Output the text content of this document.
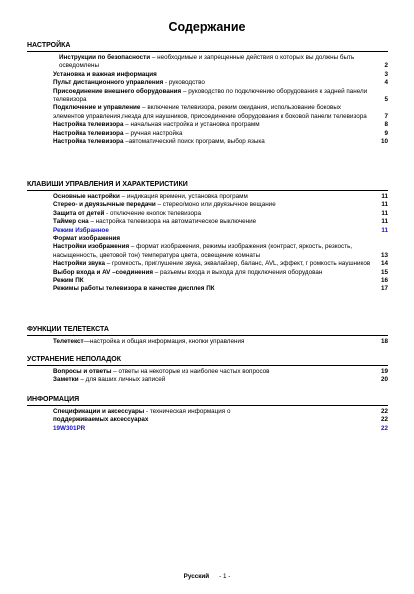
Содержание
НАСТРОЙКА
Инструкции по безопасности – необходимые и запрещенные действия о которых вы должны быть осведомлены	2
Установка и важная информация	3
Пульт дистанционного управления - руководство	4
Присоединение внешнего оборудования – руководство по подключению оборудования к задней панели телевизора	5
Подключение и управление – включение телевизора, режим ожидания, использование боковых элементов управления,гнезда для наушников, присоединение оборудования к боковой панели телевизора	7
Настройка телевизора – начальная настройка и установка программ	8
Настройка телевизора – ручная настройка	9
Настройка телевизора –автоматический поиск программ, выбор языка	10
КЛАВИШИ УПРАВЛЕНИЯ И ХАРАКТЕРИСТИКИ
Основные настройки – индикация времени, установка программ	11
Стерео- и двуязычные передачи – стерео/моно или двуязычное вещание	11
Защита от детей - отключение кнопок телевизора	11
Таймер сна – настройка телевизора на автоматическое выключение	11
Режим Избранное	11
Формат изображения
Настройки изображения – формат изображения, режимы изображения (контраст, яркость, резкость, насыщенность, цветовой тон) температура цвета, освещение комнаты	13
Настройки звука – громкость, приглушение звука, эквалайзер, баланс, AVL, эффект, г ромкость наушников 14
Выбор входа и AV –соединения – разъемы входа и выхода для подключения оборудован	15
Режим ПК	16
Режимы работы телевизора в качестве дисплея ПК	17
ФУНКЦИИ ТЕЛЕТЕКСТА
Телетекст—настройка и общая информация, кнопки управления	18
УСТРАНЕНИЕ НЕПОЛАДОК
Вопросы и ответы – ответы на некоторые из наиболее частых вопросов	19
Заметки – для ваших личных записей	20
ИНФОРМАЦИЯ
Спецификации и аксессуары - техническая информация о	22
поддерживаемых аксессуарах	22
19W301PR	22
Русский - 1 -
